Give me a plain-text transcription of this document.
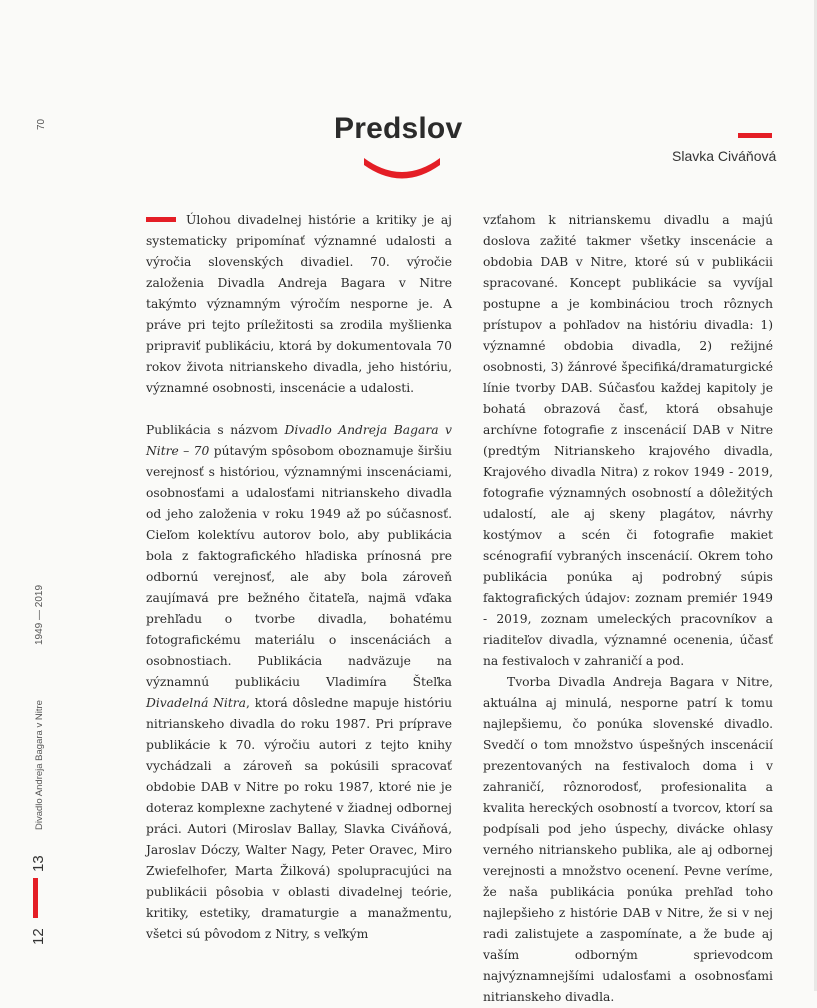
70
1949 — 2019
Divadlo Andreja Bagara v Nitre
13
12
Predslov
Slavka Civáňová

Úlohou divadelnej histórie a kritiky je aj systematicky pripomínať významné udalosti a výročia slovenských divadiel. 70. výročie založenia Divadla Andreja Bagara v Nitre takýmto významným výročím nesporne je. A práve pri tejto príležitosti sa zrodila myšlienka pripraviť publikáciu, ktorá by dokumentovala 70 rokov života nitrianskeho divadla, jeho históriu, významné osobnosti, inscenácie a udalosti.

Publikácia s názvom Divadlo Andreja Bagara v Nitre – 70 pútavým spôsobom oboznamuje širšiu verejnosť s históriou, významnými inscenáciami, osobnosťami a udalosťami nitrianskeho divadla od jeho založenia v roku 1949 až po súčasnosť. Cieľom kolektívu autorov bolo, aby publikácia bola z faktografického hľadiska prínosná pre odbornú verejnosť, ale aby bola zároveň zaujímavá pre bežného čitateľa, najmä vďaka prehľadu o tvorbe divadla, bohatému fotografickému materiálu o inscenáciách a osobnostiach. Publikácia nadväzuje na významnú publikáciu Vladimíra Šteľka Divadelná Nitra, ktorá dôsledne mapuje históriu nitrianskeho divadla do roku 1987. Pri príprave publikácie k 70. výročiu autori z tejto knihy vychádzali a zároveň sa pokúsili spracovať obdobie DAB v Nitre po roku 1987, ktoré nie je doteraz komplexne zachytené v žiadnej odbornej práci. Autori (Miroslav Ballay, Slavka Civáňová, Jaroslav Dóczy, Walter Nagy, Peter Oravec, Miro Zwiefelhofer, Marta Žilková) spolupracujúci na publikácii pôsobia v oblasti divadelnej teórie, kritiky, estetiky, dramaturgie a manažmentu, všetci sú pôvodom z Nitry, s veľkým

vzťahom k nitrianskemu divadlu a majú doslova zažité takmer všetky inscenácie a obdobia DAB v Nitre, ktoré sú v publikácii spracované. Koncept publikácie sa vyvíjal postupne a je kombináciou troch rôznych prístupov a pohľadov na históriu divadla: 1) významné obdobia divadla, 2) režijné osobnosti, 3) žánrové špecifiká/dramaturgické línie tvorby DAB. Súčasťou každej kapitoly je bohatá obrazová časť, ktorá obsahuje archívne fotografie z inscenácií DAB v Nitre (predtým Nitrianskeho krajového divadla, Krajového divadla Nitra) z rokov 1949 - 2019, fotografie významných osobností a dôležitých udalostí, ale aj skeny plagátov, návrhy kostýmov a scén či fotografie makiet scénografií vybraných inscenácií. Okrem toho publikácia ponúka aj podrobný súpis faktografických údajov: zoznam premiér 1949 - 2019, zoznam umeleckých pracovníkov a riaditeľov divadla, významné ocenenia, účasť na festivaloch v zahraničí a pod.

Tvorba Divadla Andreja Bagara v Nitre, aktuálna aj minulá, nesporne patrí k tomu najlepšiemu, čo ponúka slovenské divadlo. Svedčí o tom množstvo úspešných inscenácií prezentovaných na festivaloch doma i v zahraničí, rôznorodosť, profesionalita a kvalita hereckých osobností a tvorcov, ktorí sa podpísali pod jeho úspechy, divácke ohlasy verného nitrianskeho publika, ale aj odbornej verejnosti a množstvo ocenení. Pevne veríme, že naša publikácia ponúka prehľad toho najlepšieho z histórie DAB v Nitre, že si v nej radi zalistujete a zaspomínate, a že bude aj vaším odborným sprievodcom najvýznamnejšími udalosťami a osobnosťami nitrianskeho divadla.
